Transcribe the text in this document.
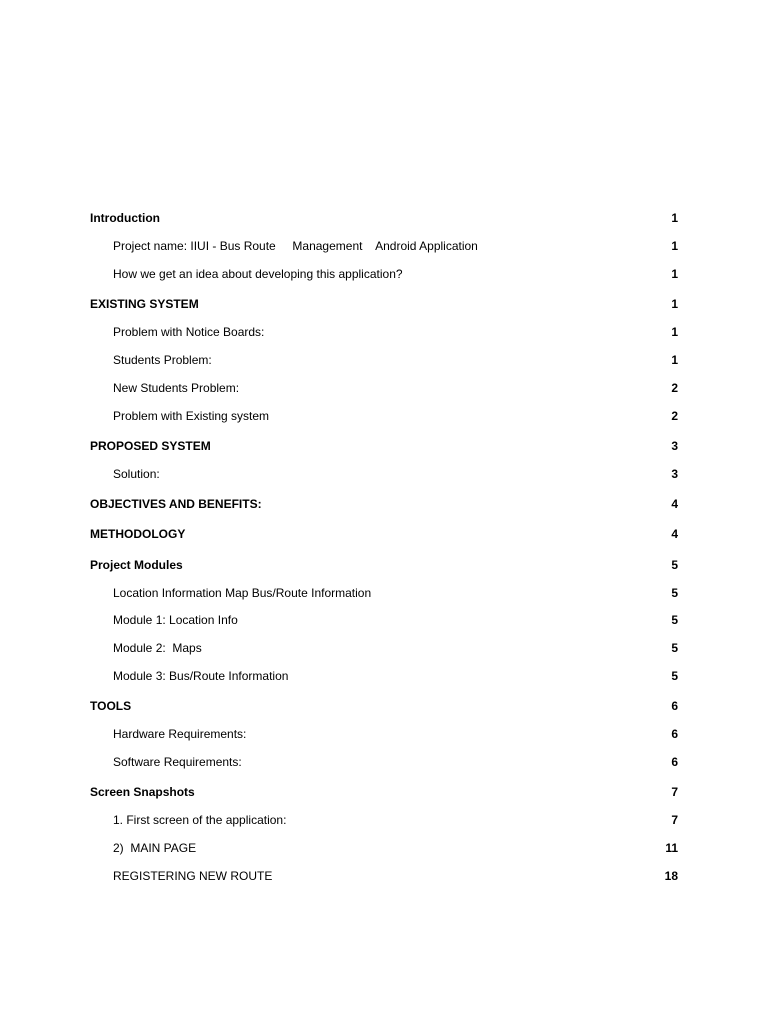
Introduction	1
Project name: IIUI - Bus Route     Management    Android Application	1
How we get an idea about developing this application?	1
EXISTING SYSTEM	1
Problem with Notice Boards:	1
Students Problem:	1
New Students Problem:	2
Problem with Existing system	2
PROPOSED SYSTEM	3
Solution:	3
OBJECTIVES AND BENEFITS:	4
METHODOLOGY	4
Project Modules	5
Location Information Map Bus/Route Information	5
Module 1: Location Info	5
Module 2:  Maps	5
Module 3: Bus/Route Information	5
TOOLS	6
Hardware Requirements:	6
Software Requirements:	6
Screen Snapshots	7
1. First screen of the application:	7
2)  MAIN PAGE	11
REGISTERING NEW ROUTE	18
